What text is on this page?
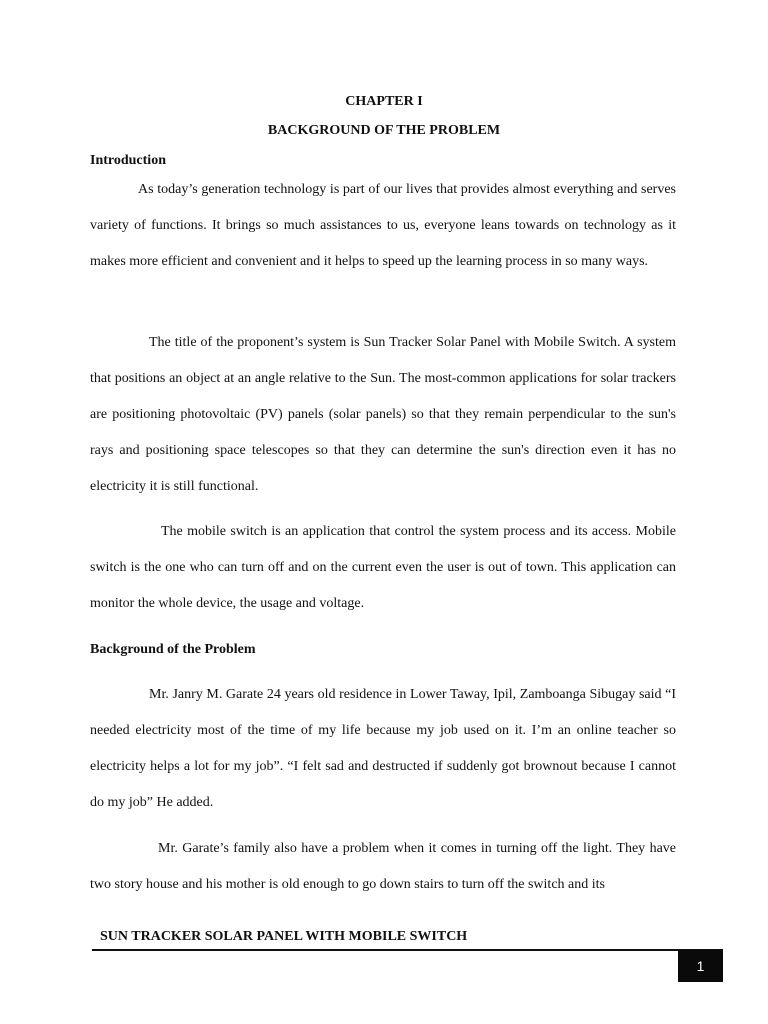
CHAPTER I
BACKGROUND OF THE PROBLEM
Introduction

As today’s generation technology is part of our lives that provides almost everything and serves variety of functions. It brings so much assistances to us, everyone leans towards on technology as it makes more efficient and convenient and it helps to speed up the learning process in so many ways.

The title of the proponent’s system is Sun Tracker Solar Panel with Mobile Switch. A system that positions an object at an angle relative to the Sun. The most-common applications for solar trackers are positioning photovoltaic (PV) panels (solar panels) so that they remain perpendicular to the sun's rays and positioning space telescopes so that they can determine the sun's direction even it has no electricity it is still functional.

The mobile switch is an application that control the system process and its access. Mobile switch is the one who can turn off and on the current even the user is out of town. This application can monitor the whole device, the usage and voltage.

Background of the Problem

Mr. Janry M. Garate 24 years old residence in Lower Taway, Ipil, Zamboanga Sibugay said “I needed electricity most of the time of my life because my job used on it. I’m an online teacher so electricity helps a lot for my job”. “I felt sad and destructed if suddenly got brownout because I cannot do my job” He added.

Mr. Garate’s family also have a problem when it comes in turning off the light. They have two story house and his mother is old enough to go down stairs to turn off the switch and its

SUN TRACKER SOLAR PANEL WITH MOBILE SWITCH
1
